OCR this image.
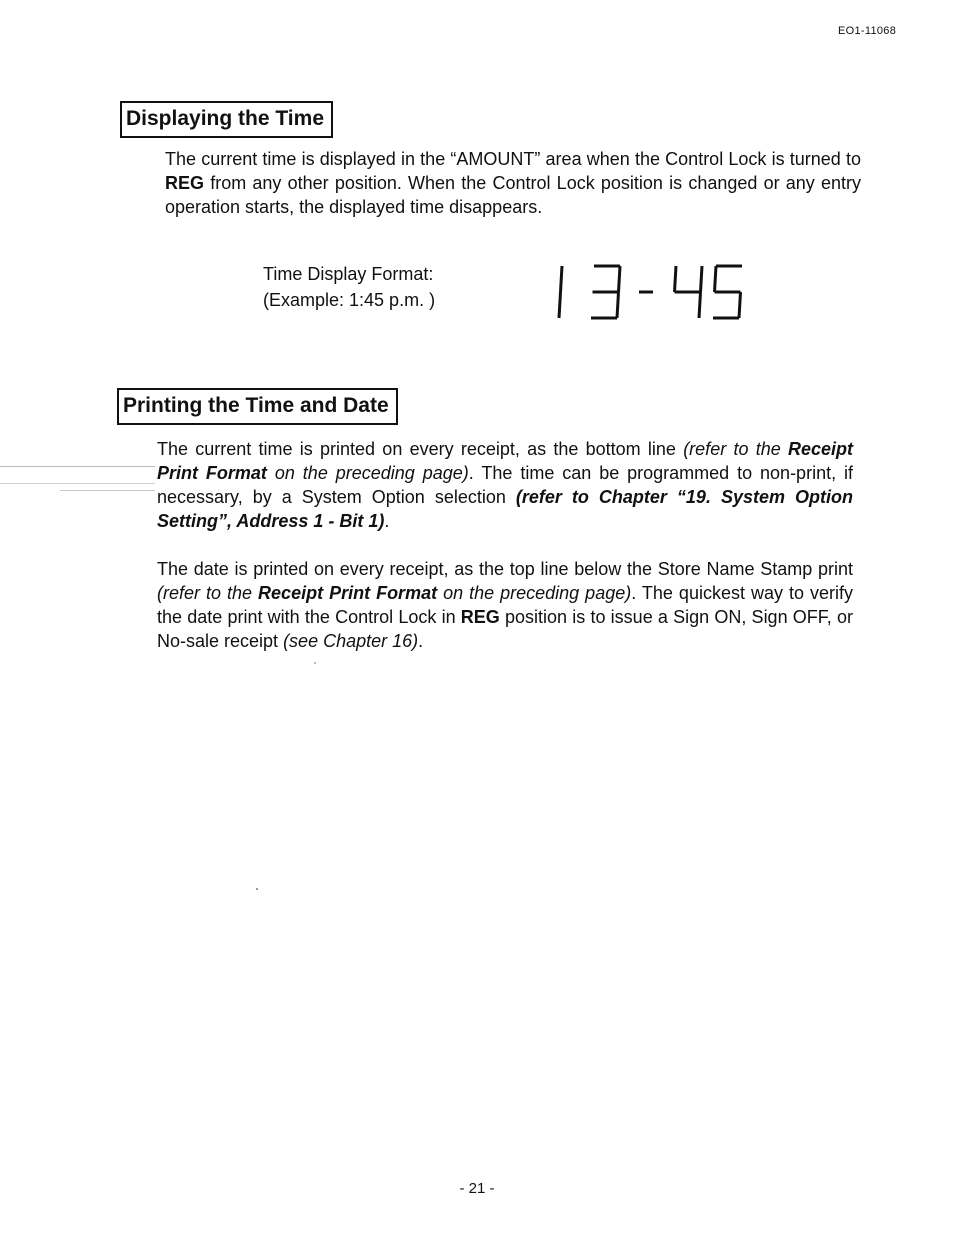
EO1-11068
Displaying the Time
The current time is displayed in the “AMOUNT” area when the Control Lock is turned to REG from any other position. When the Control Lock position is changed or any entry operation starts, the displayed time disappears.
Time Display Format:
(Example: 1:45 p.m. )
Printing the Time and Date
The current time is printed on every receipt, as the bottom line (refer to the Receipt Print Format on the preceding page). The time can be programmed to non-print, if necessary, by a System Option selection (refer to Chapter “19. System Option Setting”, Address 1 - Bit 1).
The date is printed on every receipt, as the top line below the Store Name Stamp print (refer to the Receipt Print Format on the preceding page). The quickest way to verify the date print with the Control Lock in REG position is to issue a Sign ON, Sign OFF, or No-sale receipt (see Chapter 16).
- 21 -
